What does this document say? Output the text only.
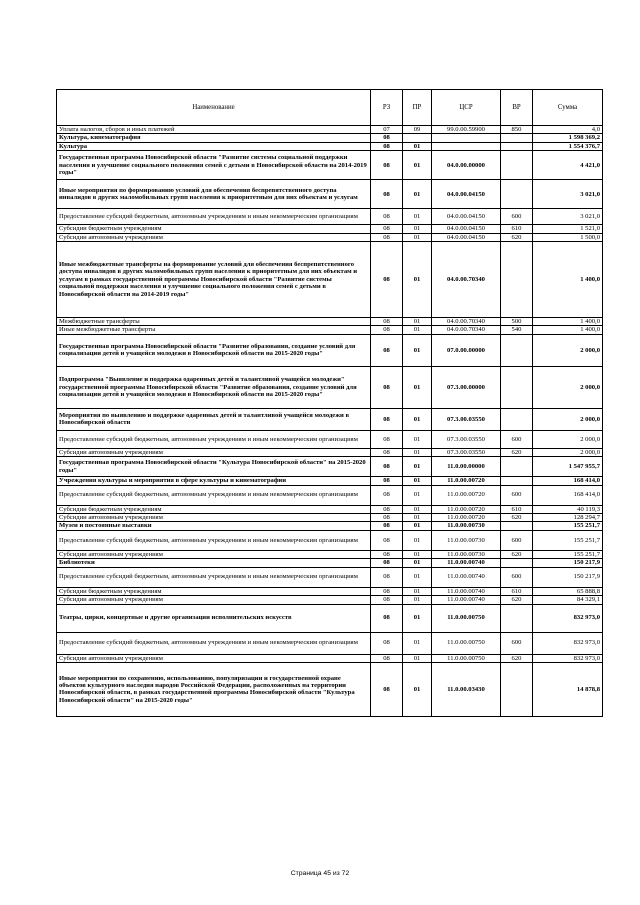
Наименование	РЗ	ПР	ЦСР	ВР	Сумма
Уплата налогов, сборов и иных платежей	07	09	99.0.00.59900	850	4,0
Культура, кинематография	08				1 598 369,2
Культура	08	01			1 554 376,7
Государственная программа Новосибирской области "Развитие системы социальной поддержки населения и улучшение социального положения семей с детьми в Новосибирской области на 2014-2019 годы"	08	01	04.0.00.00000		4 421,0
Иные мероприятия по формированию условий для обеспечения беспрепятственного доступа инвалидов в других маломобильных групп населения к приоритетным для них объектам и услугам	08	01	04.0.00.04150		3 021,0
Предоставление субсидий бюджетным, автономным учреждениям и иным некоммерческим организациям	08	01	04.0.00.04150	600	3 021,0
Субсидии бюджетным учреждениям	08	01	04.0.00.04150	610	1 521,0
Субсидии автономным учреждениям	08	01	04.0.00.04150	620	1 500,0
Иные межбюджетные трансферты на формирование условий для обеспечения беспрепятственного доступа инвалидов в других маломобильных групп населения к приоритетным для них объектам и услугам в рамках государственной программы Новосибирской области "Развитие системы социальной поддержки населения и улучшение социального положения семей с детьми в Новосибирской области на 2014-2019 годы"	08	01	04.0.00.70340		1 400,0
Межбюджетные трансферты	08	01	04.0.00.70340	500	1 400,0
Иные межбюджетные трансферты	08	01	04.0.00.70340	540	1 400,0
Государственная программа Новосибирской области "Развитие образования, создание условий для социализации детей и учащейся молодежи в Новосибирской области на 2015-2020 годы"	08	01	07.0.00.00000		2 000,0
Подпрограмма "Выявление и поддержка одаренных детей и талантливой учащейся молодежи" государственной программы Новосибирской области "Развитие образования, создание условий для социализации детей и учащейся молодежи в Новосибирской области на 2015-2020 годы"	08	01	07.3.00.00000		2 000,0
Мероприятия по выявлению и поддержке одаренных детей и талантливой учащейся молодежи в Новосибирской области	08	01	07.3.00.03550		2 000,0
Предоставление субсидий бюджетным, автономным учреждениям и иным некоммерческим организациям	08	01	07.3.00.03550	600	2 000,0
Субсидии автономным учреждениям	08	01	07.3.00.03550	620	2 000,0
Государственная программа Новосибирской области "Культура Новосибирской области" на 2015-2020 годы"	08	01	11.0.00.00000		1 547 955,7
Учреждения культуры и мероприятия в сфере культуры и кинематографии	08	01	11.0.00.00720		168 414,0
Предоставление субсидий бюджетным, автономным учреждениям и иным некоммерческим организациям	08	01	11.0.00.00720	600	168 414,0
Субсидии бюджетным учреждениям	08	01	11.0.00.00720	610	40 119,3
Субсидии автономным учреждениям	08	01	11.0.00.00720	620	128 294,7
Музеи и постоянные выставки	08	01	11.0.00.00730		155 251,7
Предоставление субсидий бюджетным, автономным учреждениям и иным некоммерческим организациям	08	01	11.0.00.00730	600	155 251,7
Субсидии автономным учреждениям	08	01	11.0.00.00730	620	155 251,7
Библиотеки	08	01	11.0.00.00740		150 217,9
Предоставление субсидий бюджетным, автономным учреждениям и иным некоммерческим организациям	08	01	11.0.00.00740	600	150 217,9
Субсидии бюджетным учреждениям	08	01	11.0.00.00740	610	65 888,8
Субсидии автономным учреждениям	08	01	11.0.00.00740	620	84 329,1
Театры, цирки, концертные и другие организации исполнительских искусств	08	01	11.0.00.00750		832 973,0
Предоставление субсидий бюджетным, автономным учреждениям и иным некоммерческим организациям	08	01	11.0.00.00750	600	832 973,0
Субсидии автономным учреждениям	08	01	11.0.00.00750	620	832 973,0
Иные мероприятия по сохранению, использованию, популяризации и государственной охране объектов культурного наследия народов Российской Федерации, расположенных на территории Новосибирской области, в рамках государственной программы Новосибирской области "Культура Новосибирской области" на 2015-2020 годы"	08	01	11.0.00.03430		14 878,8
Страница 45 из 72
